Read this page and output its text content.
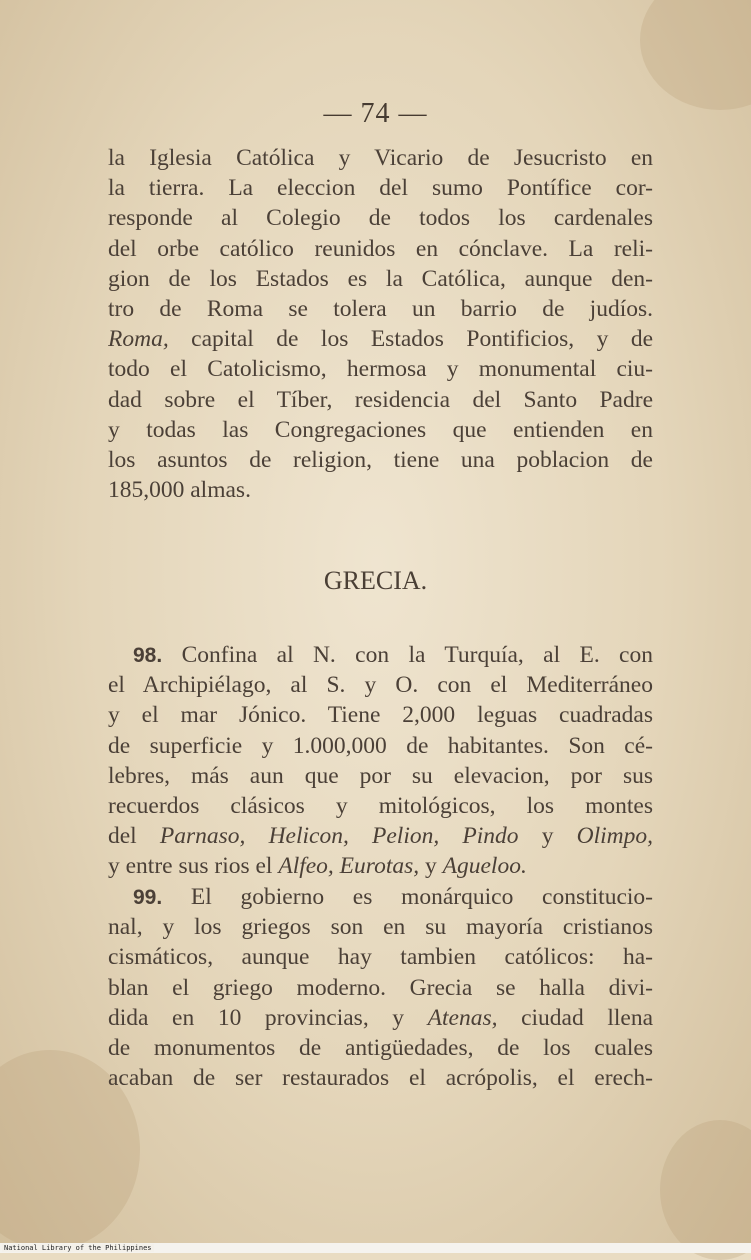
— 74 —
la Iglesia Católica y Vicario de Jesucristo en
la tierra. La eleccion del sumo Pontífice cor-
responde al Colegio de todos los cardenales
del orbe católico reunidos en cónclave. La reli-
gion de los Estados es la Católica, aunque den-
tro de Roma se tolera un barrio de judíos.
Roma, capital de los Estados Pontificios, y de
todo el Catolicismo, hermosa y monumental ciu-
dad sobre el Tíber, residencia del Santo Padre
y todas las Congregaciones que entienden en
los asuntos de religion, tiene una poblacion de
185,000 almas.
GRECIA.
98. Confina al N. con la Turquía, al E. con
el Archipiélago, al S. y O. con el Mediterráneo
y el mar Jónico. Tiene 2,000 leguas cuadradas
de superficie y 1.000,000 de habitantes. Son cé-
lebres, más aun que por su elevacion, por sus
recuerdos clásicos y mitológicos, los montes
del Parnaso, Helicon, Pelion, Pindo y Olimpo,
y entre sus rios el Alfeo, Eurotas, y Agueloo.
99. El gobierno es monárquico constitucio-
nal, y los griegos son en su mayoría cristianos
cismáticos, aunque hay tambien católicos: ha-
blan el griego moderno. Grecia se halla divi-
dida en 10 provincias, y Atenas, ciudad llena
de monumentos de antigüedades, de los cuales
acaban de ser restaurados el acrópolis, el erech-
National Library of the Philippines
